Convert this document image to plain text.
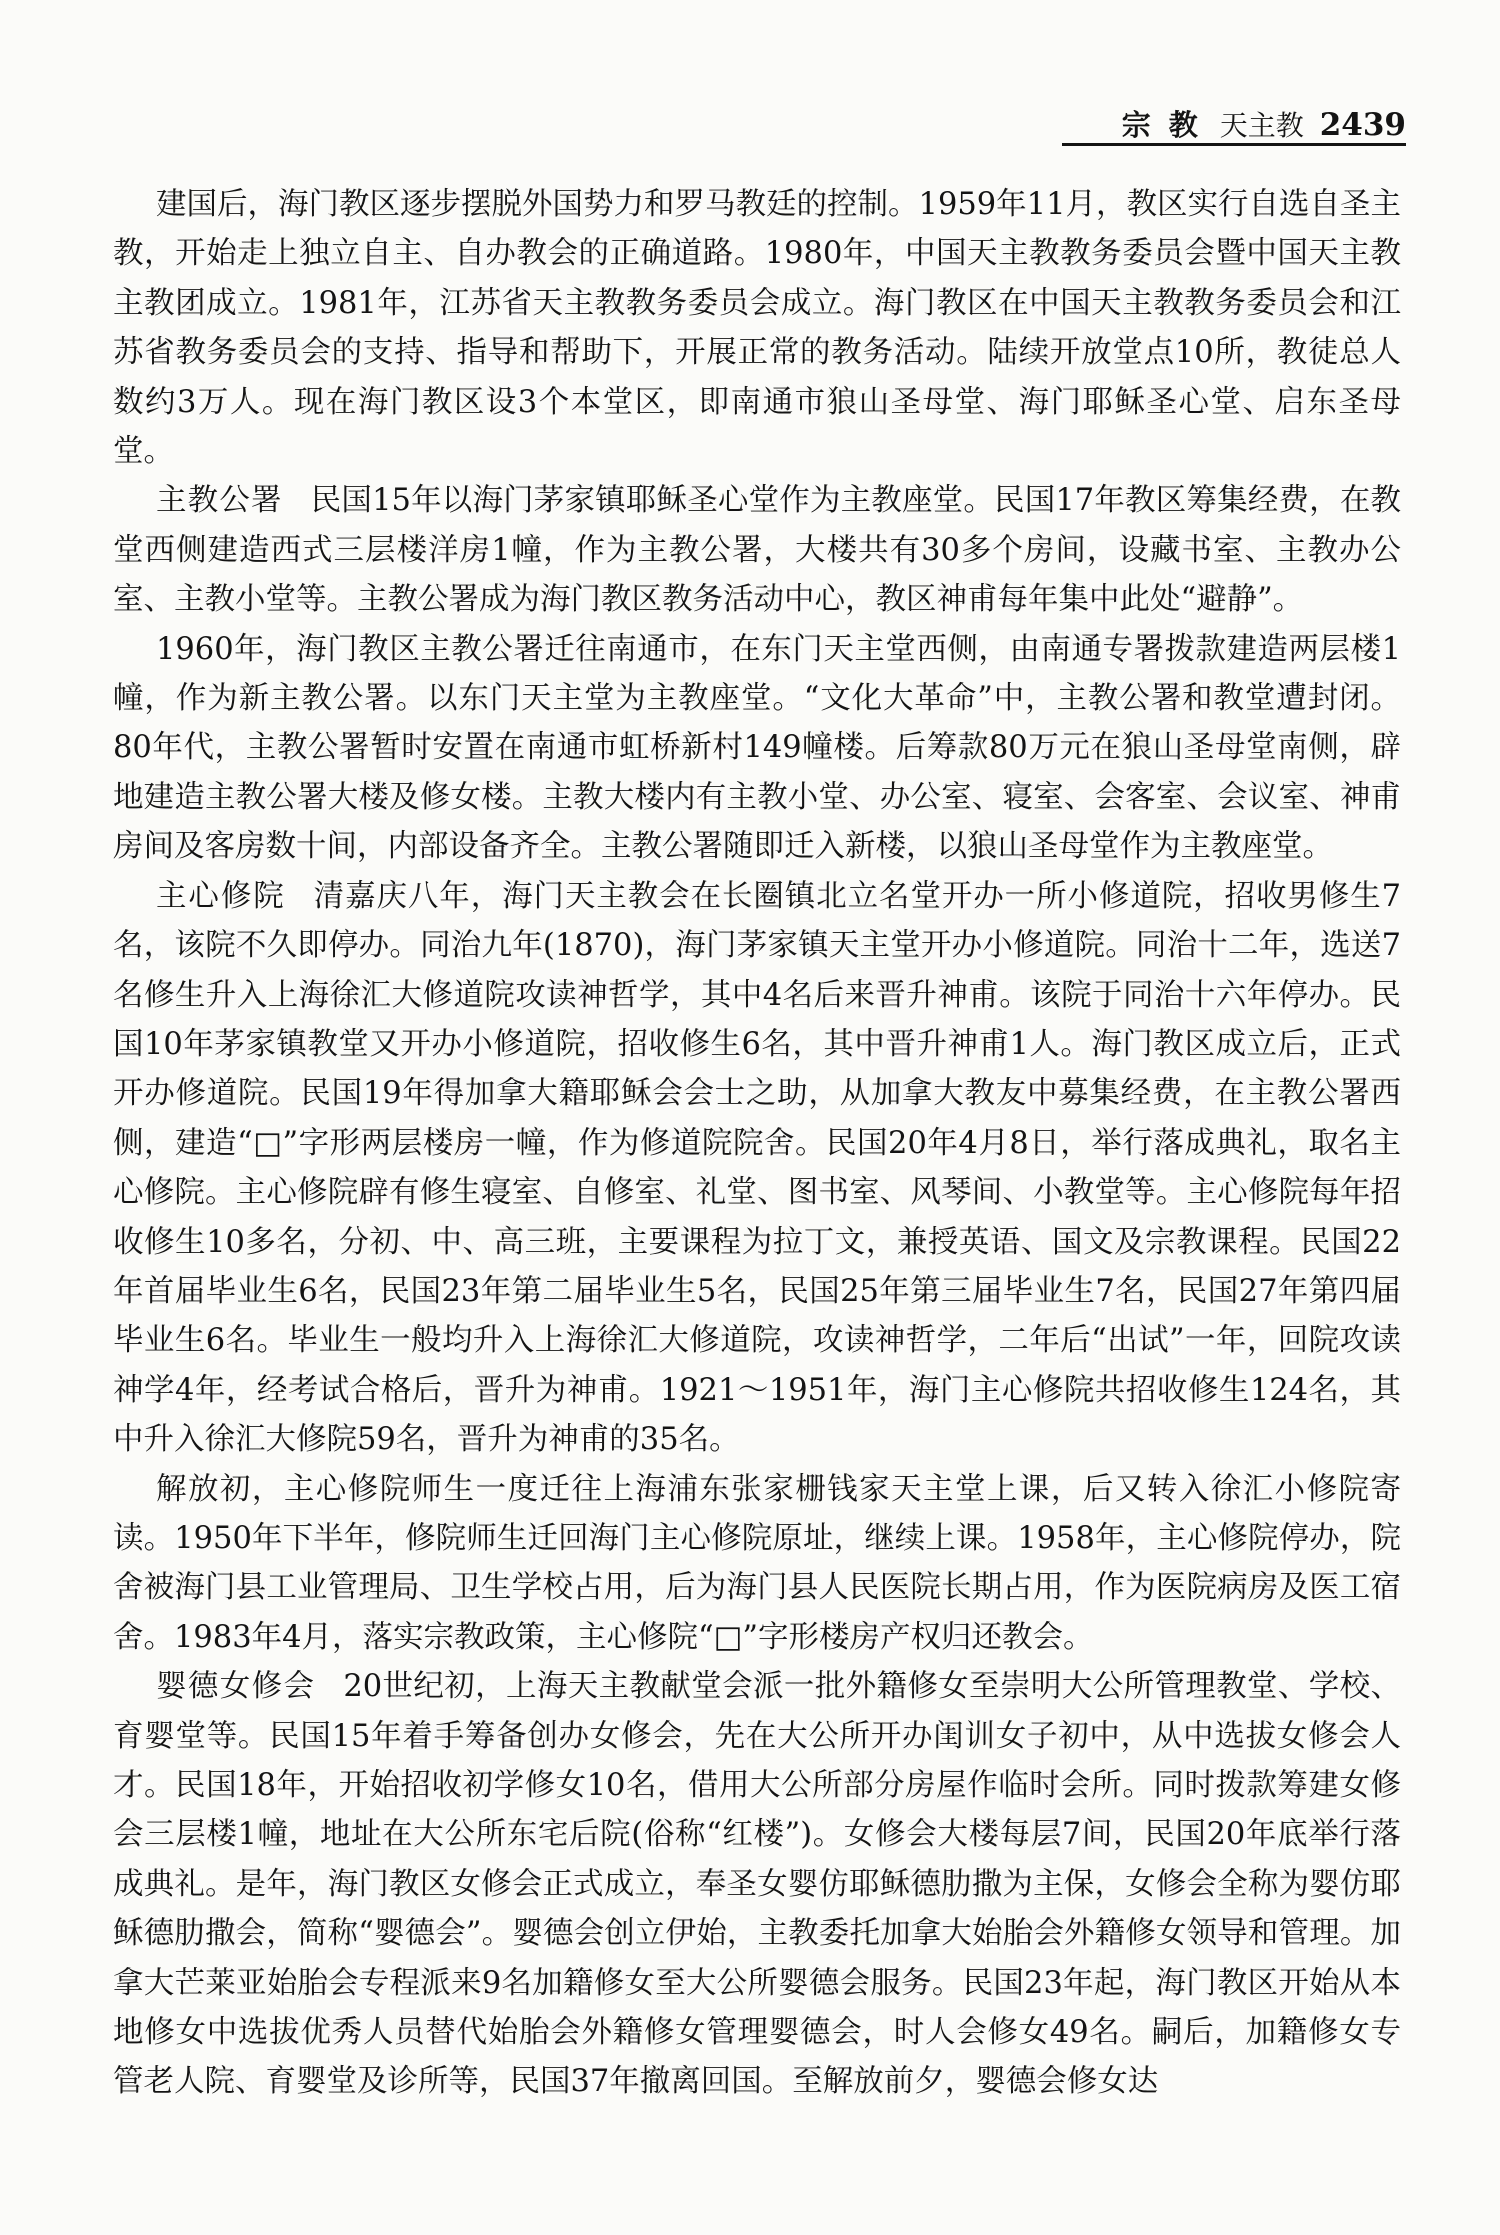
宗教 天主教 2439

建国后，海门教区逐步摆脱外国势力和罗马教廷的控制。1959年11月，教区实行自选自圣主教，开始走上独立自主、自办教会的正确道路。1980年，中国天主教教务委员会暨中国天主教主教团成立。1981年，江苏省天主教教务委员会成立。海门教区在中国天主教教务委员会和江苏省教务委员会的支持、指导和帮助下，开展正常的教务活动。陆续开放堂点10所，教徒总人数约3万人。现在海门教区设3个本堂区，即南通市狼山圣母堂、海门耶稣圣心堂、启东圣母堂。

主教公署 民国15年以海门茅家镇耶稣圣心堂作为主教座堂。民国17年教区筹集经费，在教堂西侧建造西式三层楼洋房1幢，作为主教公署，大楼共有30多个房间，设藏书室、主教办公室、主教小堂等。主教公署成为海门教区教务活动中心，教区神甫每年集中此处“避静”。

1960年，海门教区主教公署迁往南通市，在东门天主堂西侧，由南通专署拨款建造两层楼1幢，作为新主教公署。以东门天主堂为主教座堂。“文化大革命”中，主教公署和教堂遭封闭。80年代，主教公署暂时安置在南通市虹桥新村149幢楼。后筹款80万元在狼山圣母堂南侧，辟地建造主教公署大楼及修女楼。主教大楼内有主教小堂、办公室、寝室、会客室、会议室、神甫房间及客房数十间，内部设备齐全。主教公署随即迁入新楼，以狼山圣母堂作为主教座堂。

主心修院 清嘉庆八年，海门天主教会在长圈镇北立名堂开办一所小修道院，招收男修生7名，该院不久即停办。同治九年(1870)，海门茅家镇天主堂开办小修道院。同治十二年，选送7名修生升入上海徐汇大修道院攻读神哲学，其中4名后来晋升神甫。该院于同治十六年停办。民国10年茅家镇教堂又开办小修道院，招收修生6名，其中晋升神甫1人。海门教区成立后，正式开办修道院。民国19年得加拿大籍耶稣会会士之助，从加拿大教友中募集经费，在主教公署西侧，建造“□”字形两层楼房一幢，作为修道院院舍。民国20年4月8日，举行落成典礼，取名主心修院。主心修院辟有修生寝室、自修室、礼堂、图书室、风琴间、小教堂等。主心修院每年招收修生10多名，分初、中、高三班，主要课程为拉丁文，兼授英语、国文及宗教课程。民国22年首届毕业生6名，民国23年第二届毕业生5名，民国25年第三届毕业生7名，民国27年第四届毕业生6名。毕业生一般均升入上海徐汇大修道院，攻读神哲学，二年后“出试”一年，回院攻读神学4年，经考试合格后，晋升为神甫。1921～1951年，海门主心修院共招收修生124名，其中升入徐汇大修院59名，晋升为神甫的35名。

解放初，主心修院师生一度迁往上海浦东张家栅钱家天主堂上课，后又转入徐汇小修院寄读。1950年下半年，修院师生迁回海门主心修院原址，继续上课。1958年，主心修院停办，院舍被海门县工业管理局、卫生学校占用，后为海门县人民医院长期占用，作为医院病房及医工宿舍。1983年4月，落实宗教政策，主心修院“□”字形楼房产权归还教会。

婴德女修会 20世纪初，上海天主教献堂会派一批外籍修女至崇明大公所管理教堂、学校、育婴堂等。民国15年着手筹备创办女修会，先在大公所开办闺训女子初中，从中选拔女修会人才。民国18年，开始招收初学修女10名，借用大公所部分房屋作临时会所。同时拨款筹建女修会三层楼1幢，地址在大公所东宅后院(俗称“红楼”)。女修会大楼每层7间，民国20年底举行落成典礼。是年，海门教区女修会正式成立，奉圣女婴仿耶稣德肋撒为主保，女修会全称为婴仿耶稣德肋撒会，简称“婴德会”。婴德会创立伊始，主教委托加拿大始胎会外籍修女领导和管理。加拿大芒莱亚始胎会专程派来9名加籍修女至大公所婴德会服务。民国23年起，海门教区开始从本地修女中选拔优秀人员替代始胎会外籍修女管理婴德会，时人会修女49名。嗣后，加籍修女专管老人院、育婴堂及诊所等，民国37年撤离回国。至解放前夕，婴德会修女达
